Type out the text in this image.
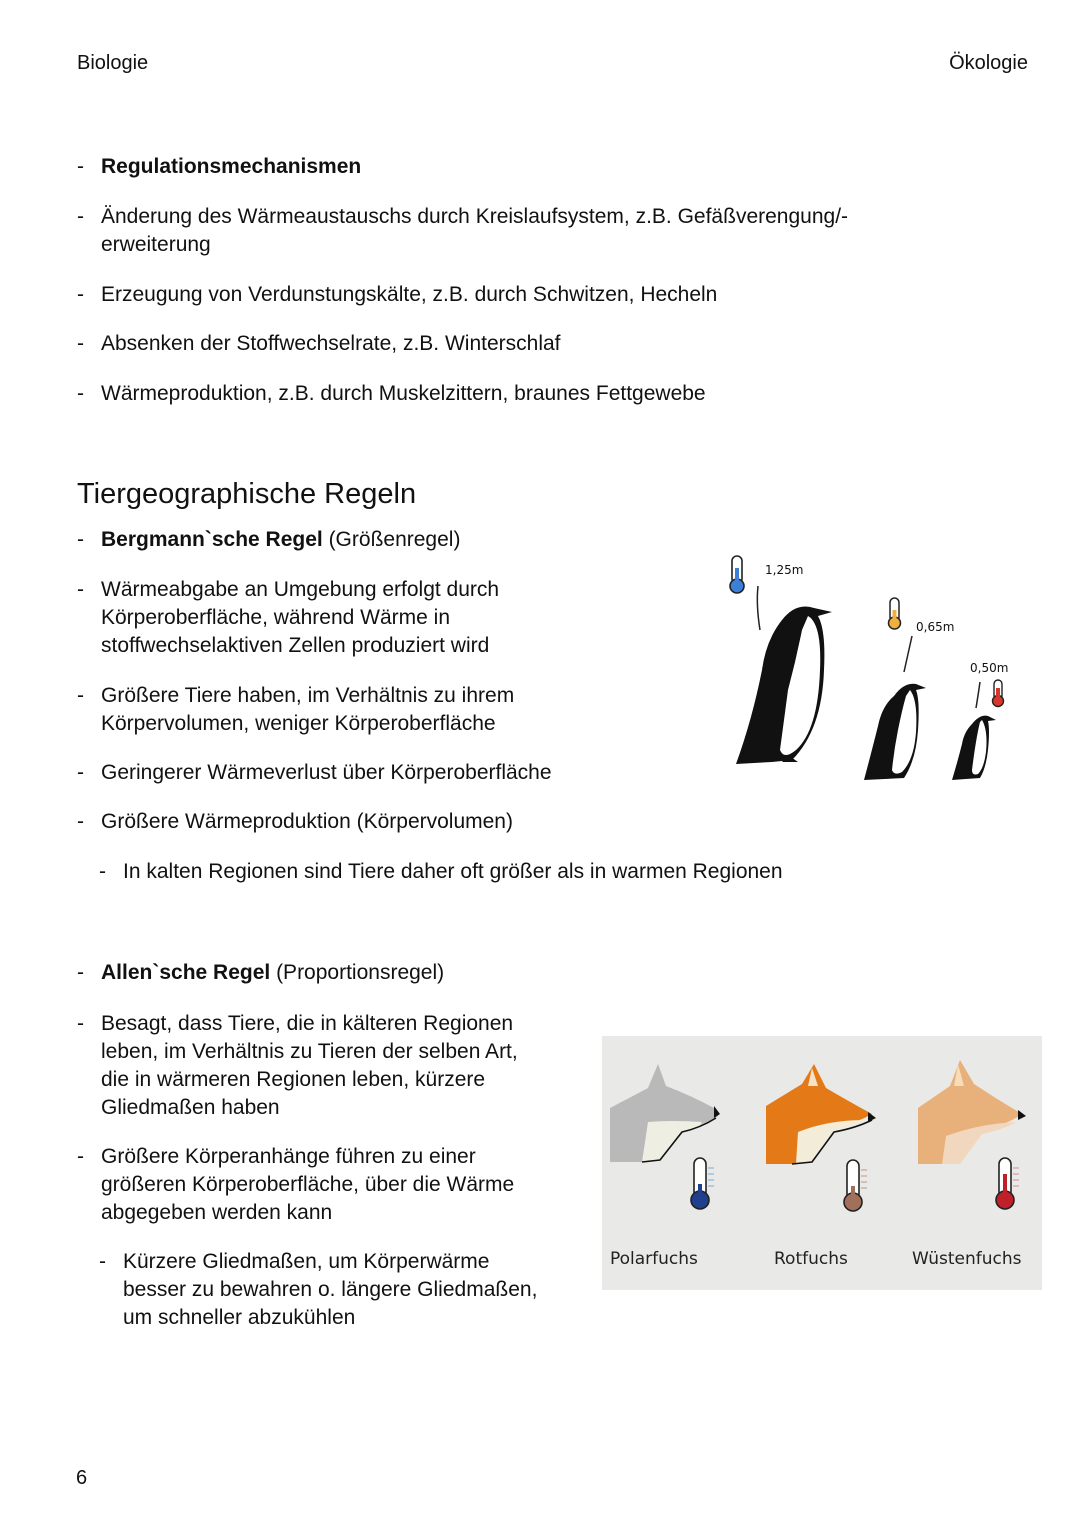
Biologie	Ökologie
- Regulationsmechanismen
- Änderung des Wärmeaustauschs durch Kreislaufsystem, z.B. Gefäßverengung/-
erweiterung
- Erzeugung von Verdunstungskälte, z.B. durch Schwitzen, Hecheln
- Absenken der Stoffwechselrate, z.B. Winterschlaf
- Wärmeproduktion, z.B. durch Muskelzittern, braunes Fettgewebe
Tiergeographische Regeln
- Bergmann`sche Regel (Größenregel)
- Wärmeabgabe an Umgebung erfolgt durch
Körperoberfläche, während Wärme in
stoffwechselaktiven Zellen produziert wird
- Größere Tiere haben, im Verhältnis zu ihrem
Körpervolumen, weniger Körperoberfläche
- Geringerer Wärmeverlust über Körperoberfläche
- Größere Wärmeproduktion (Körpervolumen)
- In kalten Regionen sind Tiere daher oft größer als in warmen Regionen
1,25m
0,65m
0,50m
- Allen`sche Regel (Proportionsregel)
- Besagt, dass Tiere, die in kälteren Regionen
leben, im Verhältnis zu Tieren der selben Art,
die in wärmeren Regionen leben, kürzere
Gliedmaßen haben
- Größere Körperanhänge führen zu einer
größeren Körperoberfläche, über die Wärme
abgegeben werden kann
- Kürzere Gliedmaßen, um Körperwärme
besser zu bewahren o. längere Gliedmaßen,
um schneller abzukühlen
Polarfuchs	Rotfuchs	Wüstenfuchs
6
